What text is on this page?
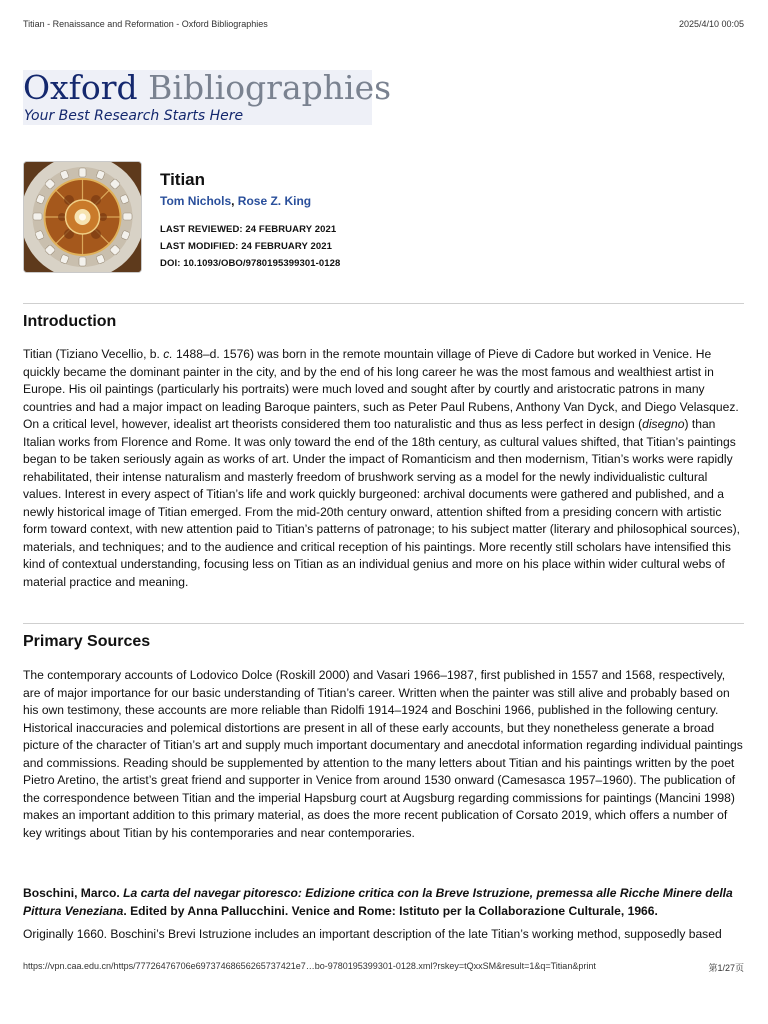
Titian - Renaissance and Reformation - Oxford Bibliographies	2025/4/10 00:05
Oxford Bibliographies
Your Best Research Starts Here
Titian
Tom Nichols, Rose Z. King
LAST REVIEWED: 24 FEBRUARY 2021
LAST MODIFIED: 24 FEBRUARY 2021
DOI: 10.1093/OBO/9780195399301-0128
Introduction

Titian (Tiziano Vecellio, b. c. 1488–d. 1576) was born in the remote mountain village of Pieve di Cadore but worked in Venice. He quickly became the dominant painter in the city, and by the end of his long career he was the most famous and wealthiest artist in Europe. His oil paintings (particularly his portraits) were much loved and sought after by courtly and aristocratic patrons in many countries and had a major impact on leading Baroque painters, such as Peter Paul Rubens, Anthony Van Dyck, and Diego Velasquez. On a critical level, however, idealist art theorists considered them too naturalistic and thus as less perfect in design (disegno) than Italian works from Florence and Rome. It was only toward the end of the 18th century, as cultural values shifted, that Titian’s paintings began to be taken seriously again as works of art. Under the impact of Romanticism and then modernism, Titian’s works were rapidly rehabilitated, their intense naturalism and masterly freedom of brushwork serving as a model for the newly individualistic cultural values. Interest in every aspect of Titian’s life and work quickly burgeoned: archival documents were gathered and published, and a newly historical image of Titian emerged. From the mid-20th century onward, attention shifted from a presiding concern with artistic form toward context, with new attention paid to Titian’s patterns of patronage; to his subject matter (literary and philosophical sources), materials, and techniques; and to the audience and critical reception of his paintings. More recently still scholars have intensified this kind of contextual understanding, focusing less on Titian as an individual genius and more on his place within wider cultural webs of material practice and meaning.

Primary Sources

The contemporary accounts of Lodovico Dolce (Roskill 2000) and Vasari 1966–1987, first published in 1557 and 1568, respectively, are of major importance for our basic understanding of Titian’s career. Written when the painter was still alive and probably based on his own testimony, these accounts are more reliable than Ridolfi 1914–1924 and Boschini 1966, published in the following century. Historical inaccuracies and polemical distortions are present in all of these early accounts, but they nonetheless generate a broad picture of the character of Titian’s art and supply much important documentary and anecdotal information regarding individual paintings and commissions. Reading should be supplemented by attention to the many letters about Titian and his paintings written by the poet Pietro Aretino, the artist’s great friend and supporter in Venice from around 1530 onward (Camesasca 1957–1960). The publication of the correspondence between Titian and the imperial Hapsburg court at Augsburg regarding commissions for paintings (Mancini 1998) makes an important addition to this primary material, as does the more recent publication of Corsato 2019, which offers a number of key writings about Titian by his contemporaries and near contemporaries.

Boschini, Marco. La carta del navegar pitoresco: Edizione critica con la Breve Istruzione, premessa alle Ricche Minere della Pittura Veneziana. Edited by Anna Pallucchini. Venice and Rome: Istituto per la Collaborazione Culturale, 1966.

Originally 1660. Boschini’s Brevi Istruzione includes an important description of the late Titian’s working method, supposedly based

https://vpn.caa.edu.cn/https/77726476706e69737468656265737421e7…bo-9780195399301-0128.xml?rskey=tQxxSM&result=1&q=Titian&print	第1/27页
